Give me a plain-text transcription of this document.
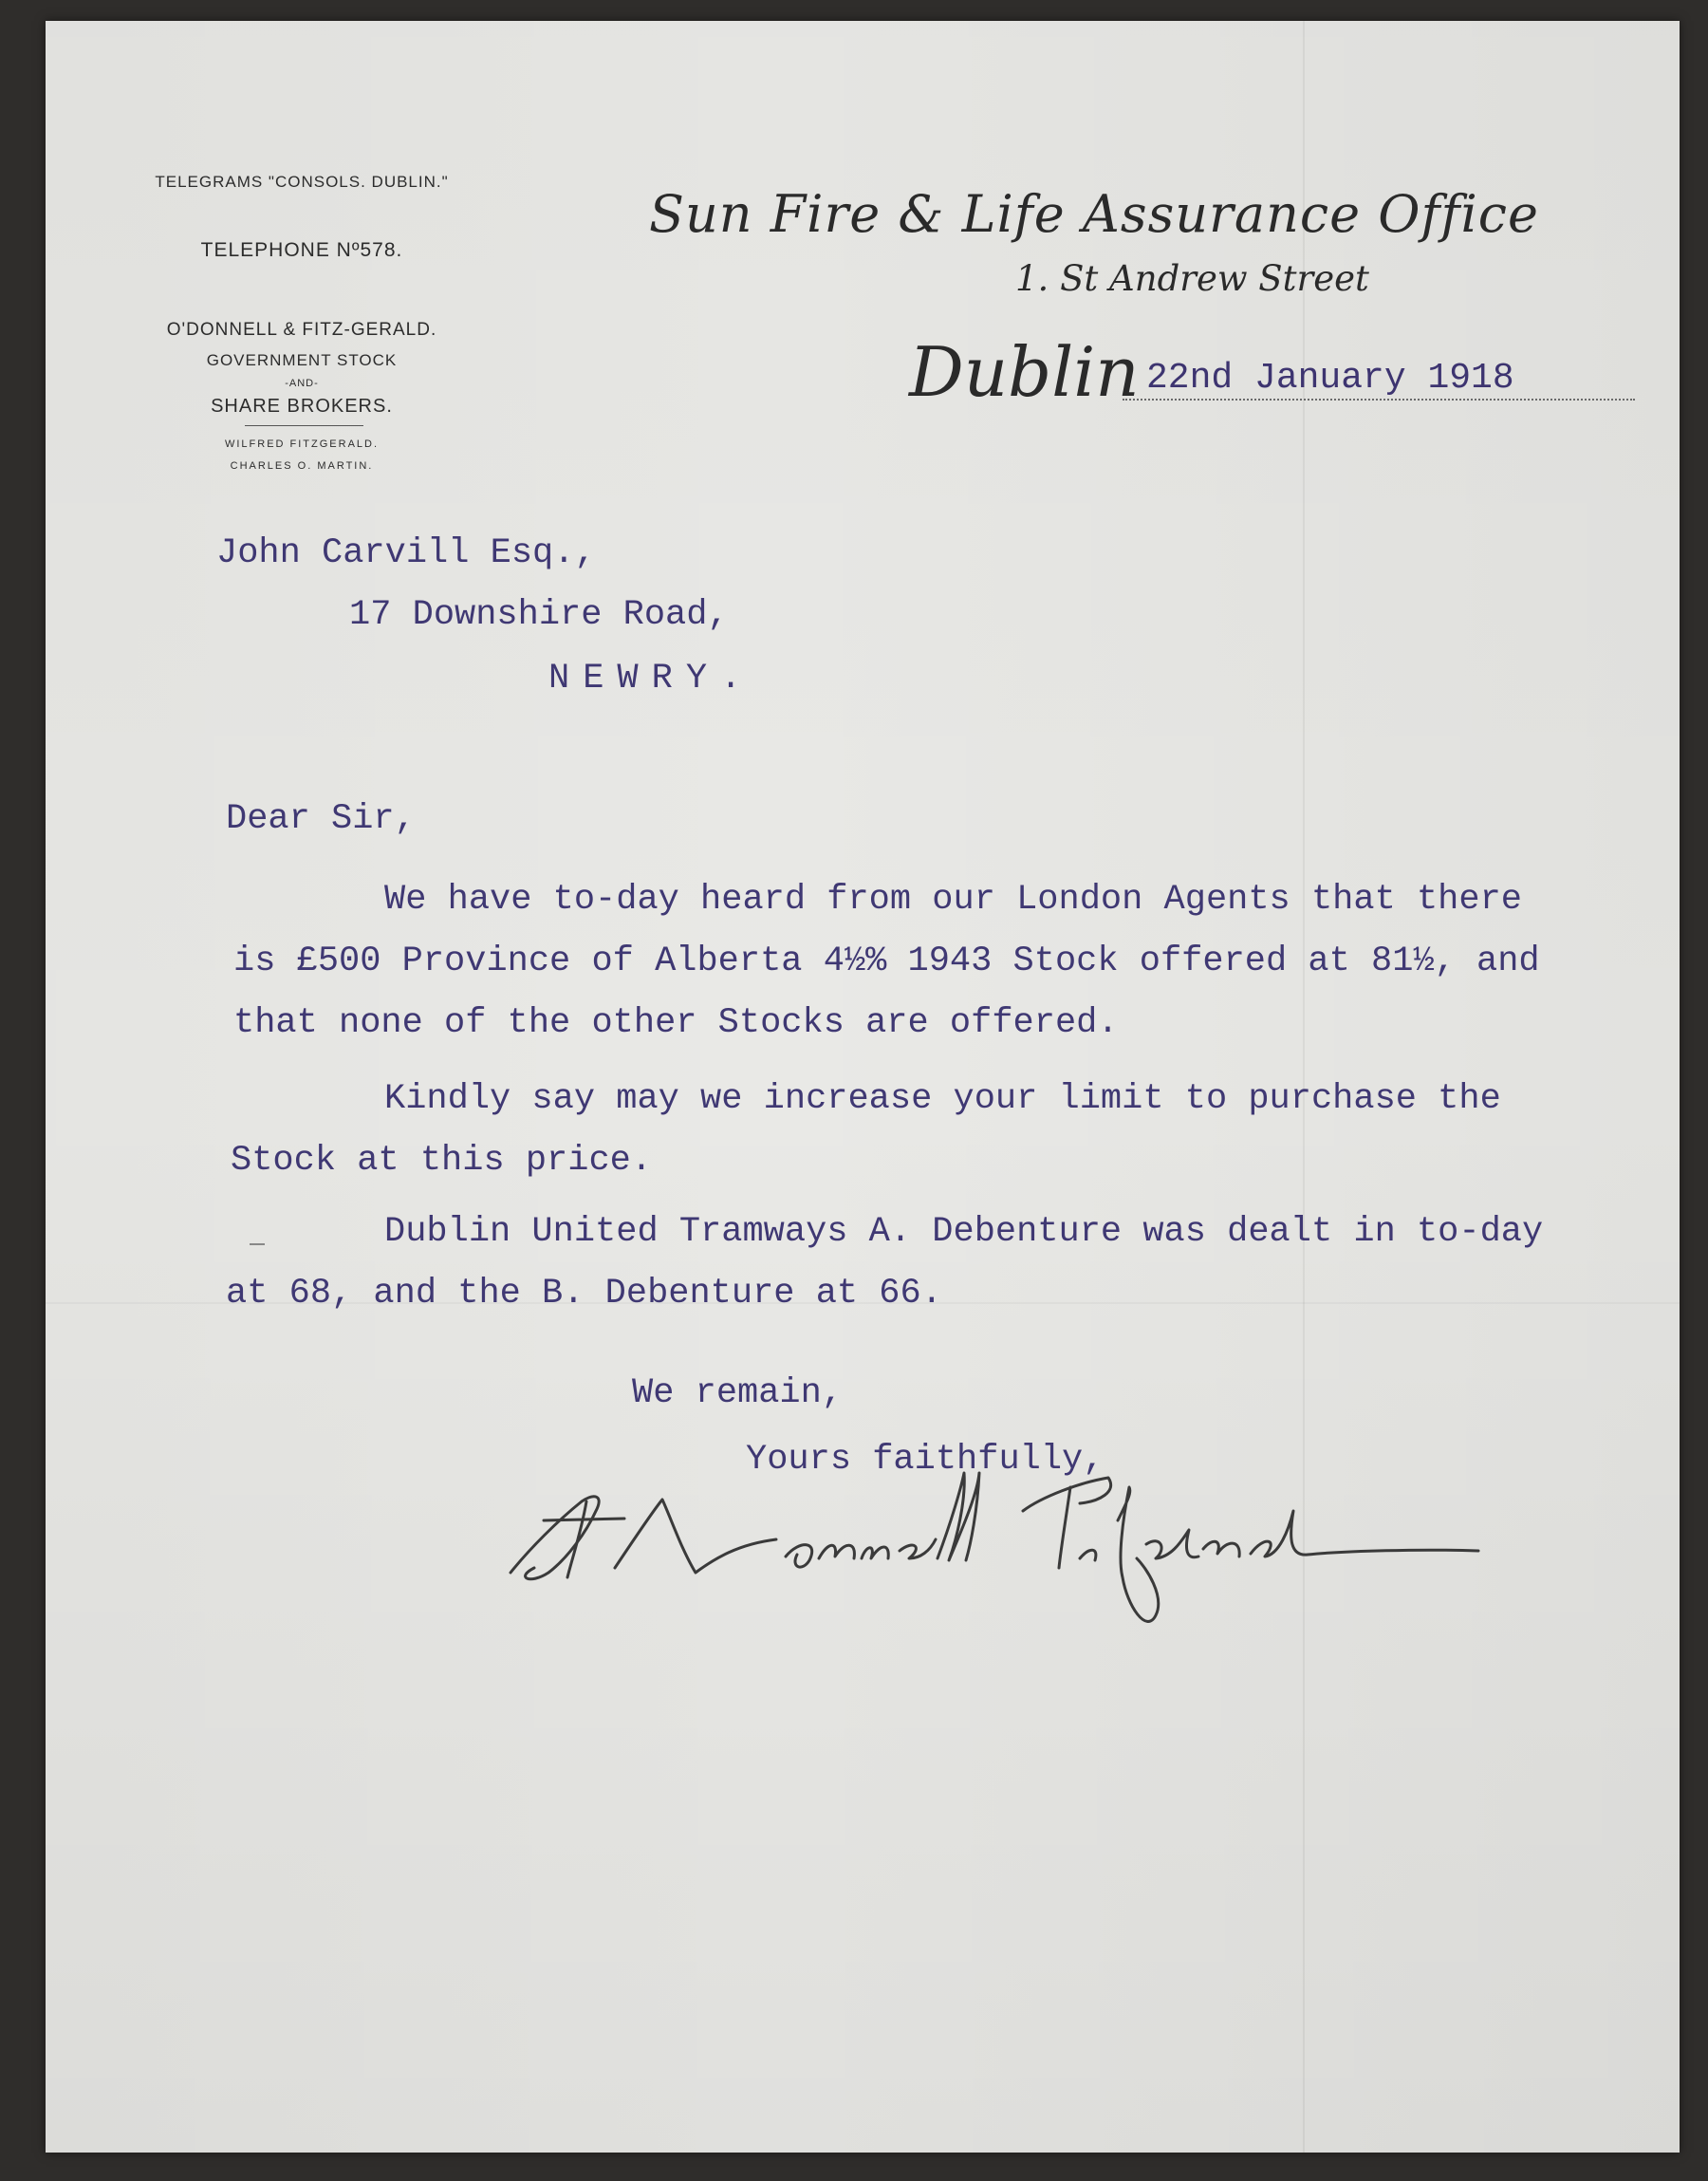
TELEGRAMS "CONSOLS. DUBLIN."
TELEPHONE Nº578.
O'DONNELL & FITZ-GERALD.
GOVERNMENT STOCK
-AND-
SHARE BROKERS.
WILFRED FITZGERALD.
CHARLES O. MARTIN.
Sun Fire & Life Assurance Office
1. St Andrew Street
Dublin 22nd January 1918
John Carvill Esq.,
17 Downshire Road,
NEWRY.
Dear Sir,
We have to-day heard from our London Agents that there
is £500 Province of Alberta 4½% 1943 Stock offered at 81½, and
that none of the other Stocks are offered.
Kindly say may we increase your limit to purchase the
Stock at this price.
Dublin United Tramways A. Debenture was dealt in to-day
at 68, and the B. Debenture at 66.
We remain,
Yours faithfully,
